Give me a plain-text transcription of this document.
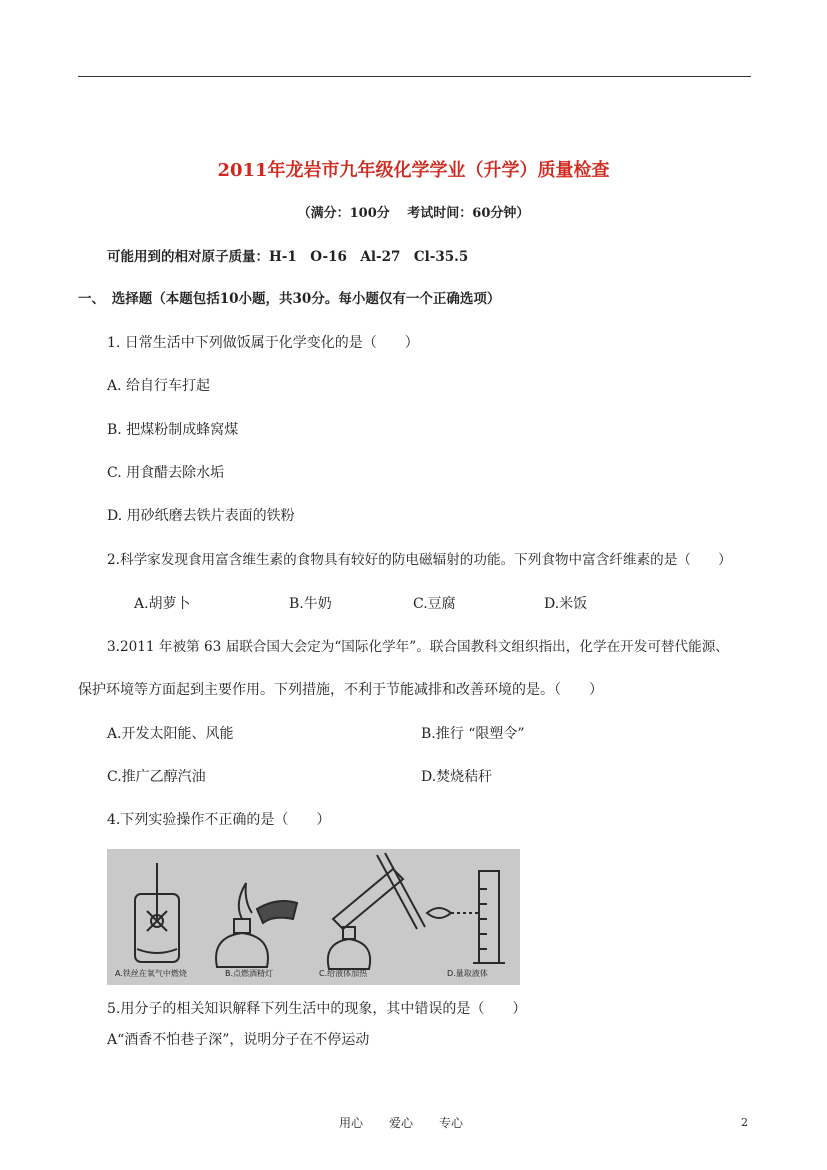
2011年龙岩市九年级化学学业（升学）质量检查
（满分：100分　 考试时间：60分钟）
可能用到的相对原子质量：H-1　O-16　Al-27　Cl-35.5
一、　选择题（本题包括10小题，共30分。每小题仅有一个正确选项）
1. 日常生活中下列做饭属于化学变化的是（　　）
A. 给自行车打起
B. 把煤粉制成蜂窝煤
C. 用食醋去除水垢
D. 用砂纸磨去铁片表面的铁粉
2.科学家发现食用富含维生素的食物具有较好的防电磁辐射的功能。下列食物中富含纤维素的是（　　）
A.胡萝卜	B.牛奶	C.豆腐	D.米饭
3.2011 年被第 63 届联合国大会定为“国际化学年”。联合国教科文组织指出，化学在开发可替代能源、
保护环境等方面起到主要作用。下列措施，不利于节能减排和改善环境的是。（　　）
A.开发太阳能、风能	B.推行 “限塑令”
C.推广乙醇汽油	D.焚烧秸秆
4.下列实验操作不正确的是（　　）
A.铁丝在氧气中燃烧	B.点燃酒精灯	C.给液体加热	D.量取液体
5.用分子的相关知识解释下列生活中的现象，其中错误的是（　　）
A“酒香不怕巷子深”，说明分子在不停运动
用心 爱心 专心	2
